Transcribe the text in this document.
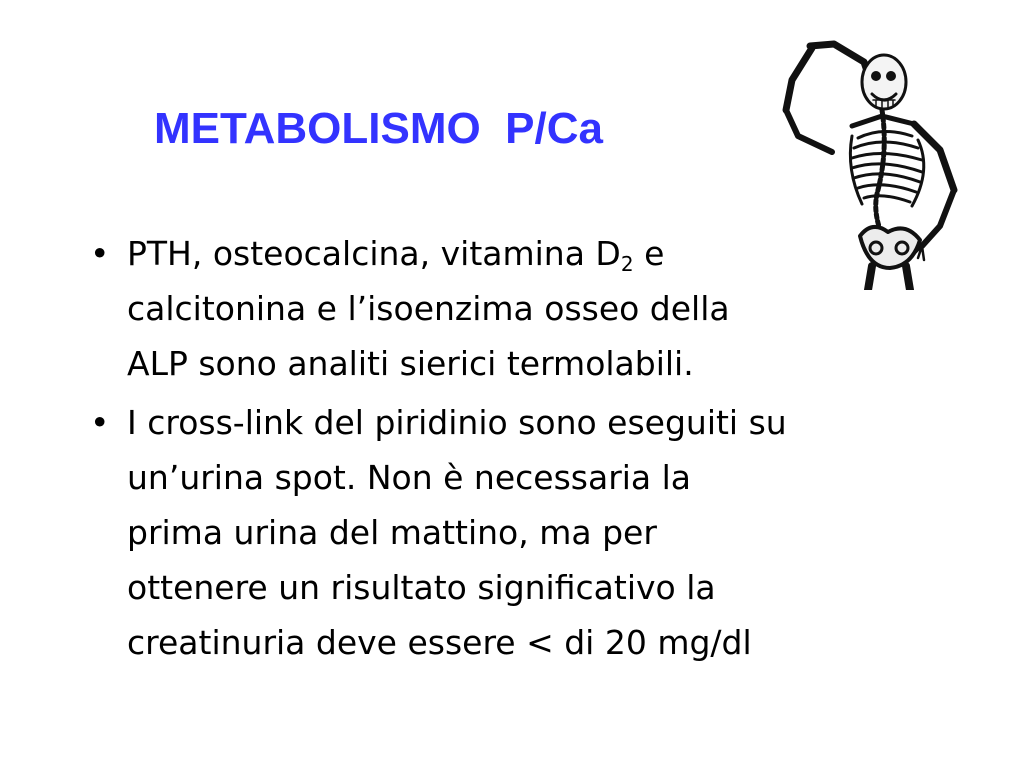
METABOLISMO  P/Ca
• PTH, osteocalcina, vitamina $D_2$ e
calcitonina e l’isoenzima osseo della
ALP sono analiti sierici termolabili.
• I cross-link del piridinio sono eseguiti su
un’urina spot. Non è necessaria la
prima urina del mattino, ma per
ottenere un risultato significativo la
creatinuria deve essere < di 20 mg/dl
